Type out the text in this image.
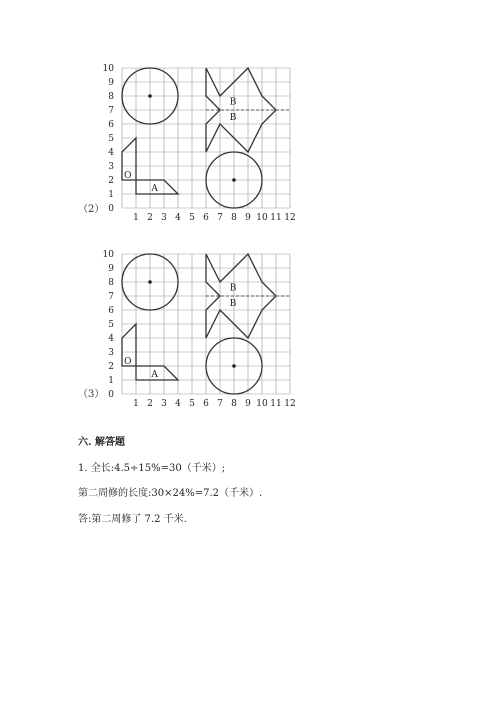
0
1
2
3
4
5
6
7
8
9
10
1 2 3 4 5 6 7 8 9 10 11 12
O
A
B
B
（2）
0
1
2
3
4
5
6
7
8
9
10
1 2 3 4 5 6 7 8 9 10 11 12
O
A
B
B
（3）
六. 解答题
1. 全长:4.5÷15%=30（千米）;
第二周修的长度:30×24%=7.2（千米）.
答:第二周修了 7.2 千米.
